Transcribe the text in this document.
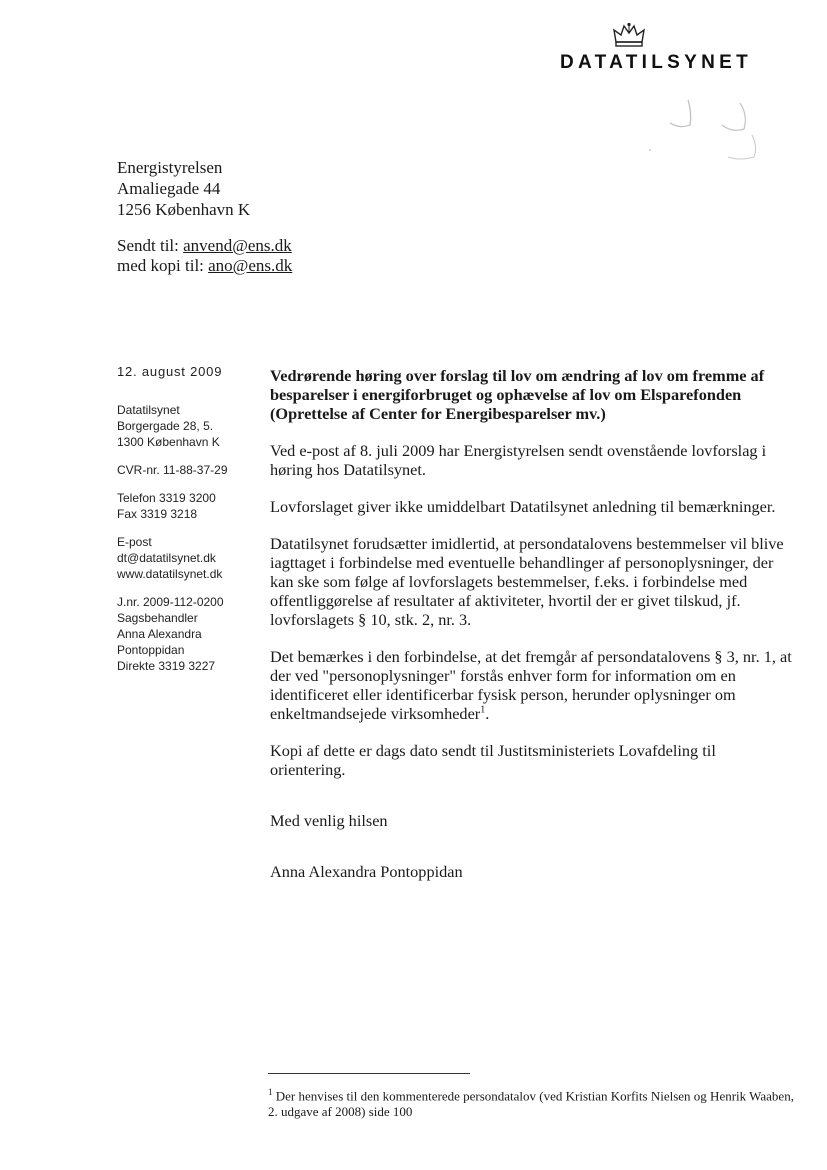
DATATILSYNET
Energistyrelsen
Amaliegade 44
1256 København K
Sendt til: anvend@ens.dk
med kopi til: ano@ens.dk
12. august 2009
Datatilsynet
Borgergade 28, 5.
1300 København K
CVR-nr. 11-88-37-29
Telefon 3319 3200
Fax 3319 3218
E-post
dt@datatilsynet.dk
www.datatilsynet.dk
J.nr. 2009-112-0200
Sagsbehandler
Anna Alexandra
Pontoppidan
Direkte 3319 3227

Vedrørende høring over forslag til lov om ændring af lov om fremme af besparelser i energiforbruget og ophævelse af lov om Elsparefonden (Oprettelse af Center for Energibesparelser mv.)

Ved e-post af 8. juli 2009 har Energistyrelsen sendt ovenstående lovforslag i høring hos Datatilsynet.

Lovforslaget giver ikke umiddelbart Datatilsynet anledning til bemærkninger.

Datatilsynet forudsætter imidlertid, at persondatalovens bestemmelser vil blive iagttaget i forbindelse med eventuelle behandlinger af personoplysninger, der kan ske som følge af lovforslagets bestemmelser, f.eks. i forbindelse med offentliggørelse af resultater af aktiviteter, hvortil der er givet tilskud, jf. lovforslagets § 10, stk. 2, nr. 3.

Det bemærkes i den forbindelse, at det fremgår af persondatalovens § 3, nr. 1, at der ved "personoplysninger" forstås enhver form for information om en identificeret eller identificerbar fysisk person, herunder oplysninger om enkeltmandsejede virksomheder$^1$.

Kopi af dette er dags dato sendt til Justitsministeriets Lovafdeling til orientering.

Med venlig hilsen

Anna Alexandra Pontoppidan

$^1$ Der henvises til den kommenterede persondatalov (ved Kristian Korfits Nielsen og Henrik Waaben, 2. udgave af 2008) side 100
